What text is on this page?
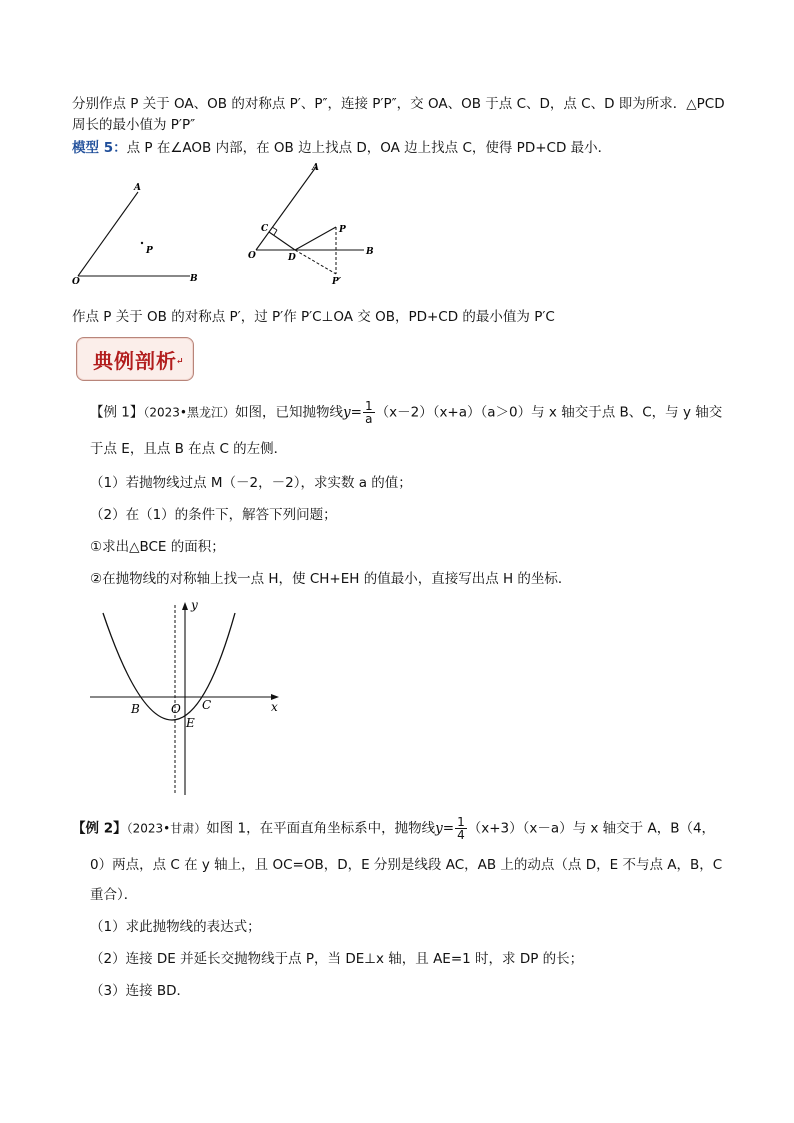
分别作点 P 关于 OA、OB 的对称点 P′、P″，连接 P′P″，交 OA、OB 于点 C、D，点 C、D 即为所求．△PCD
周长的最小值为 P′P″
模型 5：点 P 在∠AOB 内部，在 OB 边上找点 D，OA 边上找点 C，使得 PD+CD 最小．
A
P
O	B
A
C	P
O	D
B
P′
作点 P 关于 OB 的对称点 P′，过 P′作 P′C⊥OA 交 OB，PD+CD 的最小值为 P′C
典例剖析 ↵
【例 1】（2023•黑龙江）如图，已知抛物线$y= \frac{1}{a} (x-2)(x+a)(a>0)$与 x 轴交于点 B、C，与 y 轴交
于点 E，且点 B 在点 C 的左侧．
（1）若抛物线过点 M（－2，－2），求实数 a 的值；
（2）在（1）的条件下，解答下列问题；
①求出△BCE 的面积；
②在抛物线的对称轴上找一点 H，使 CH+EH 的值最小，直接写出点 H 的坐标．
y
x
B	O C
E
【例 2】（2023•甘肃）如图 1，在平面直角坐标系中，抛物线$y= \frac{1}{4} (x+3)(x-a)$与 x 轴交于 A，B（4，
0）两点，点 C 在 y 轴上，且 OC=OB，D，E 分别是线段 AC，AB 上的动点（点 D，E 不与点 A，B，C
重合）．
（1）求此抛物线的表达式；
（2）连接 DE 并延长交抛物线于点 P，当 DE⊥x 轴，且 AE=1 时，求 DP 的长；
（3）连接 BD．
